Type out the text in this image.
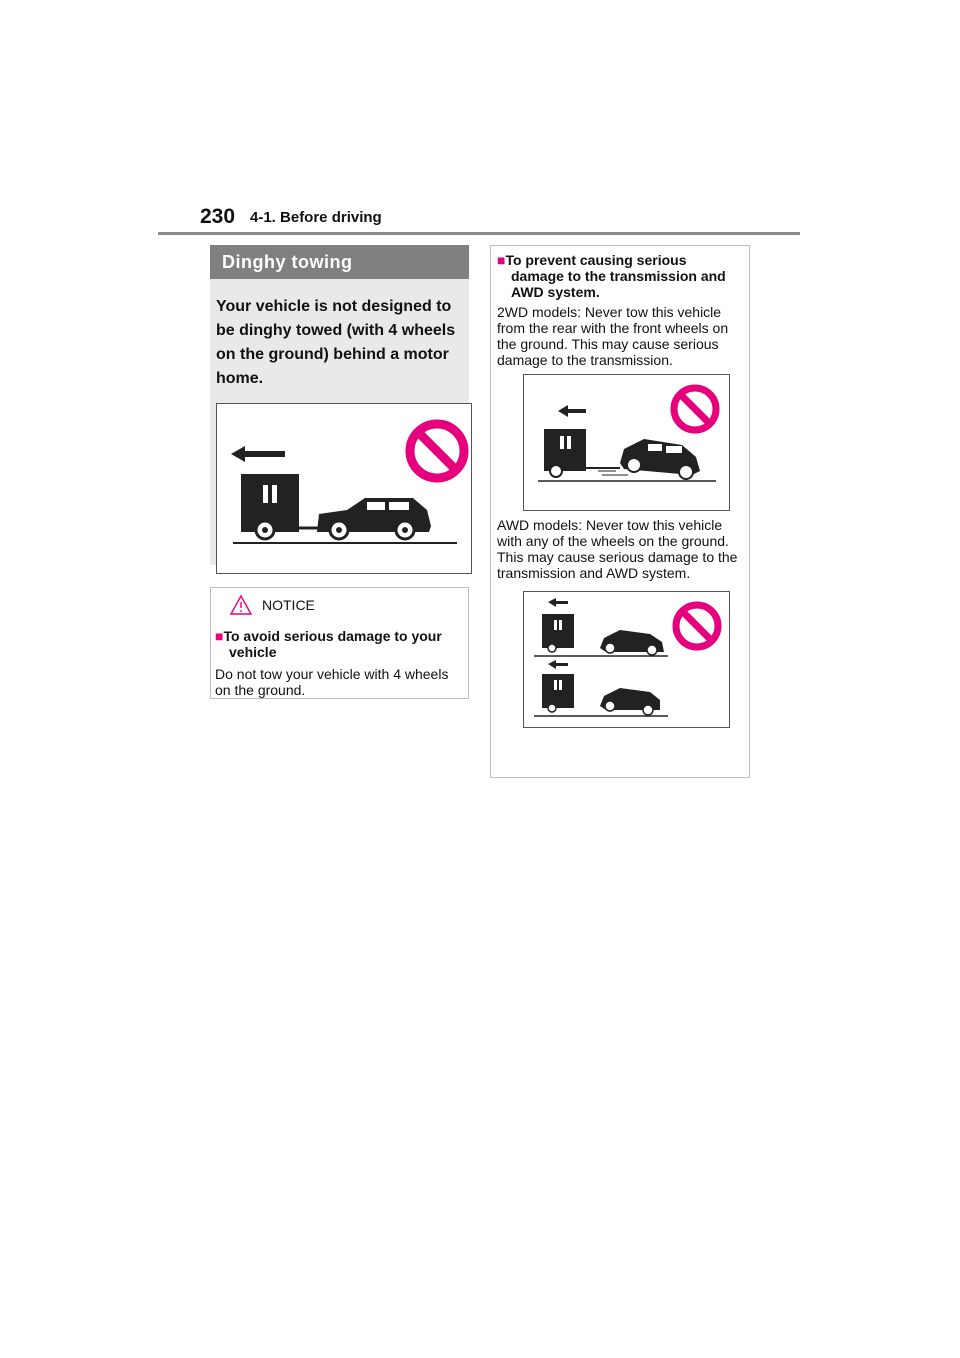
230 4-1. Before driving
Dinghy towing

Your vehicle is not designed to be dinghy towed (with 4 wheels on the ground) behind a motor home.

NOTICE
■To avoid serious damage to your vehicle
Do not tow your vehicle with 4 wheels on the ground.
■To prevent causing serious damage to the transmission and AWD system.
2WD models: Never tow this vehicle from the rear with the front wheels on the ground. This may cause serious damage to the transmission.
AWD models: Never tow this vehicle with any of the wheels on the ground. This may cause serious damage to the transmission and AWD system.
